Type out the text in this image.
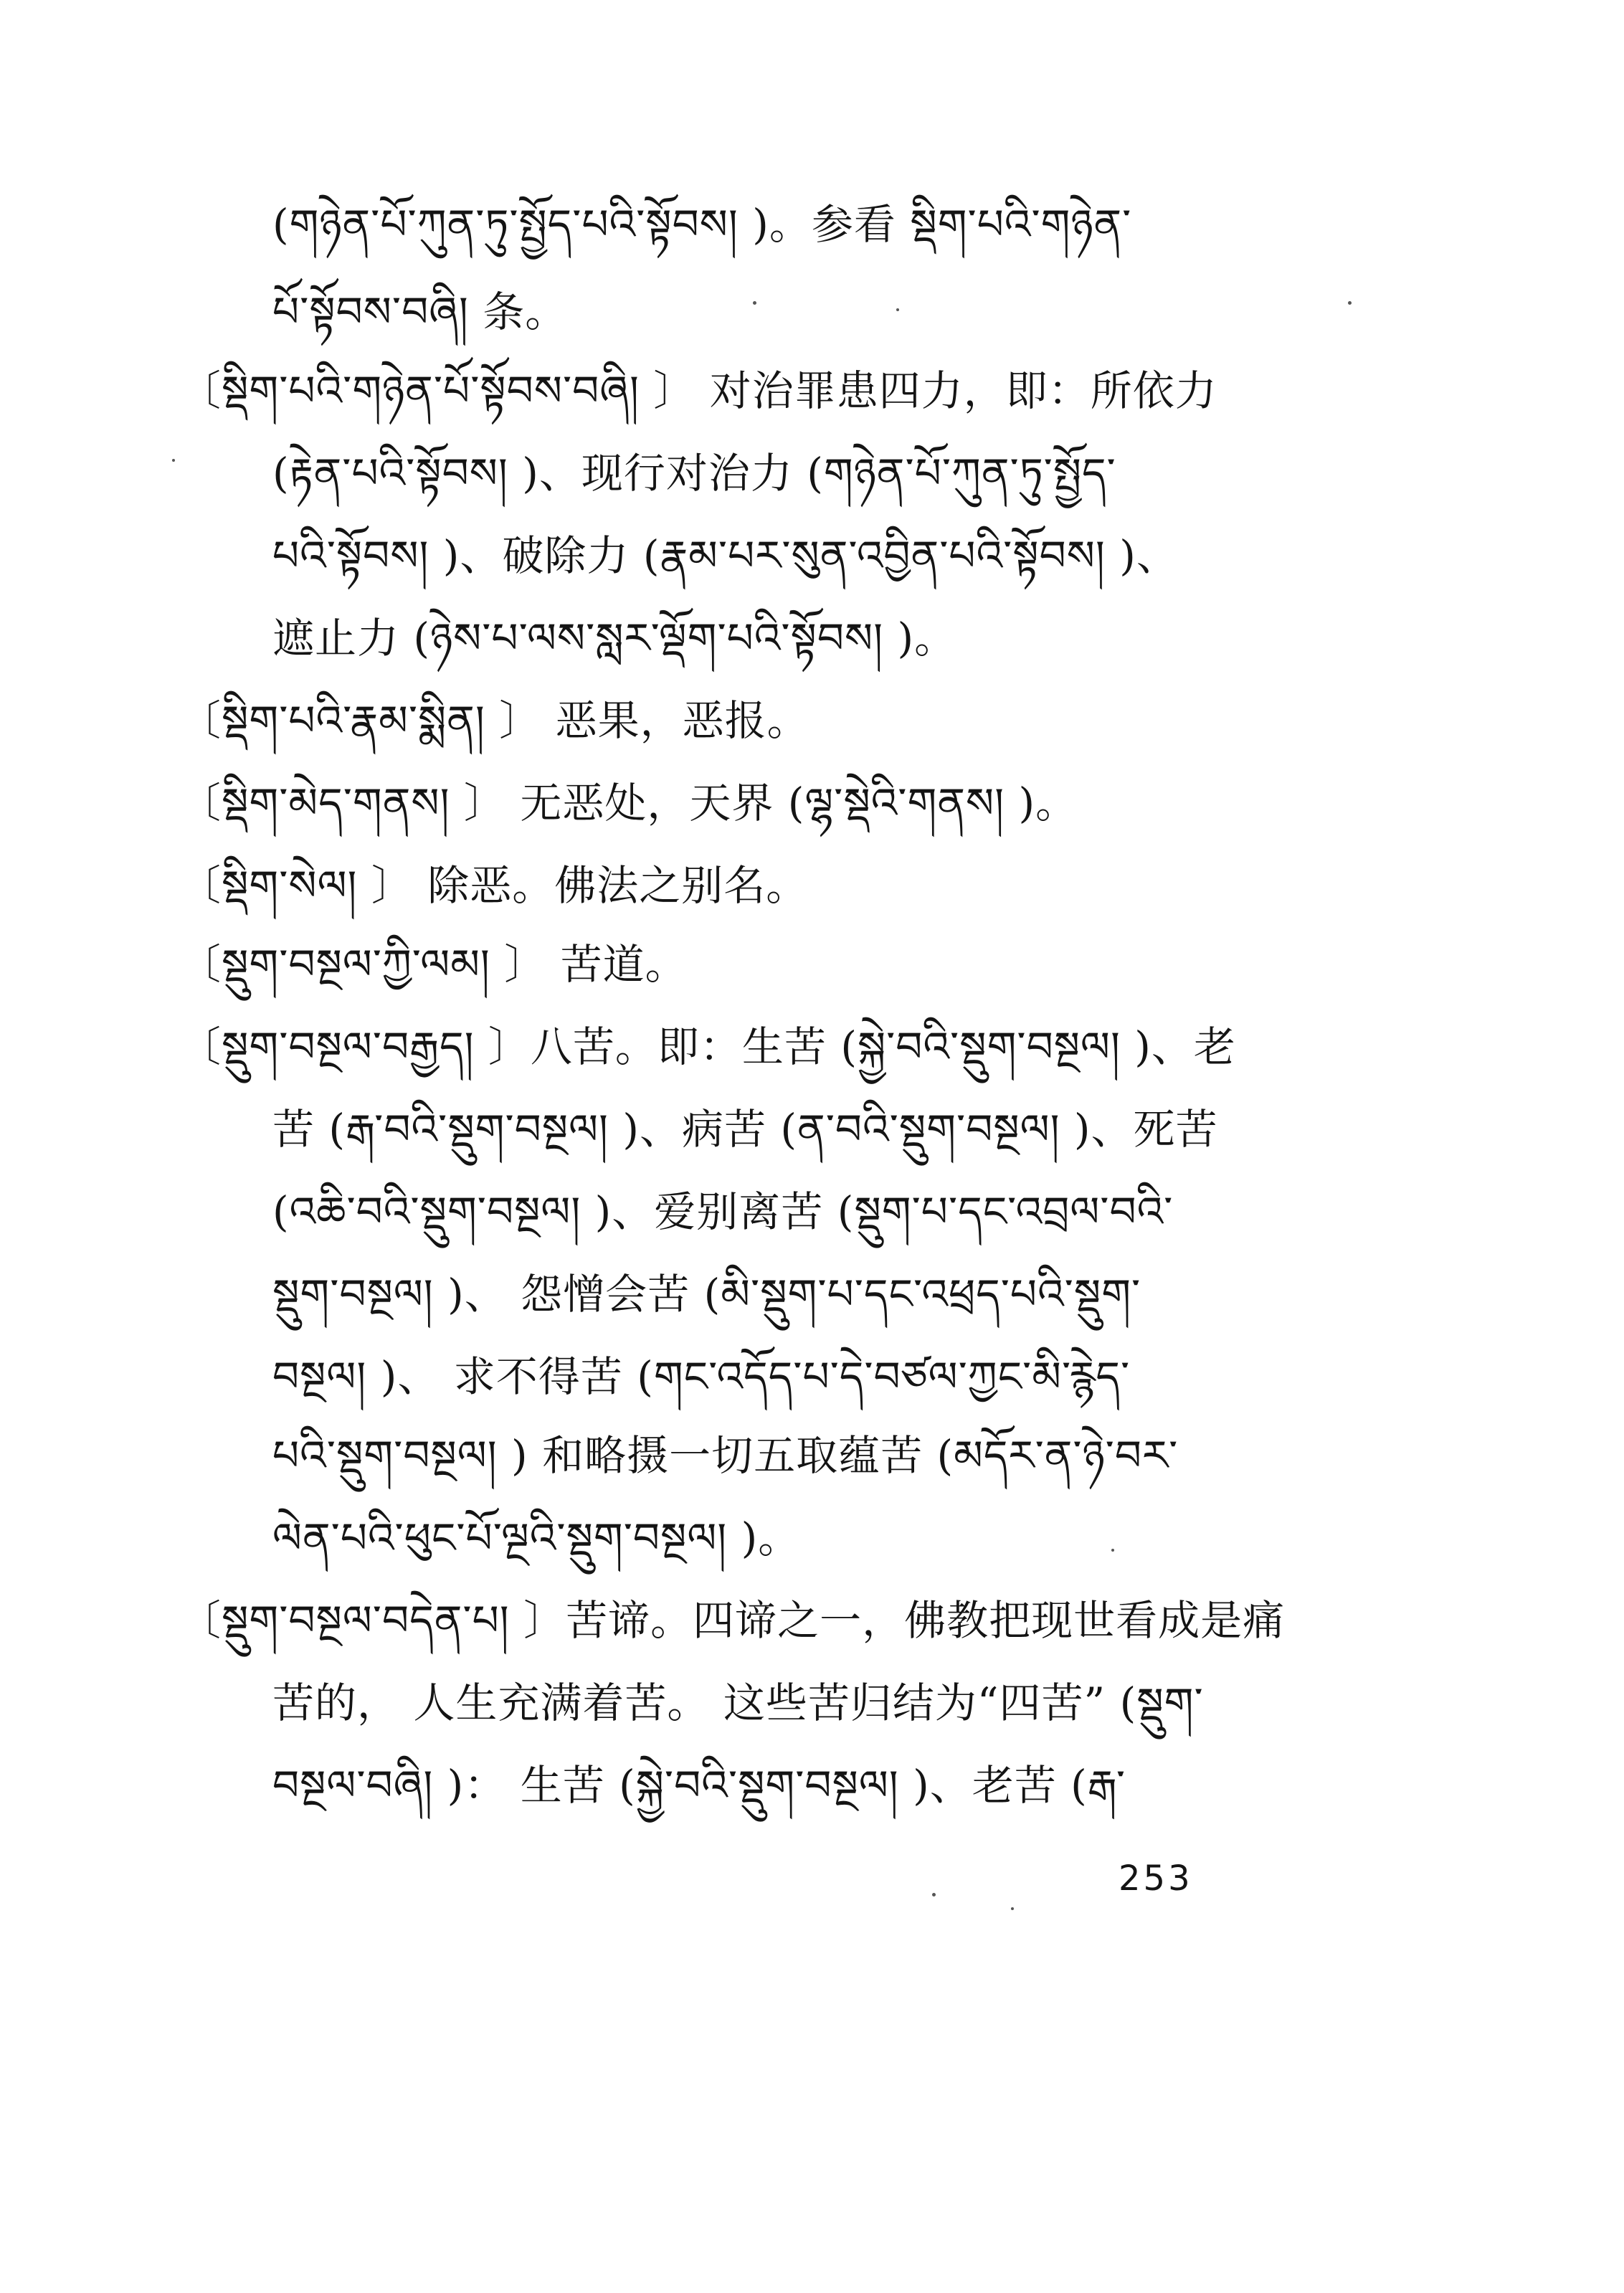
(གཉེན་པོ་ཀུན་ཏུ་སྤྱོད་པའི་སྟོབས། )。参看 སྡིག་པའི་གཉེན་
པོ་སྟོབས་བཞི། 条。
〔སྡིག་པའི་གཉེན་པོ་སྟོབས་བཞི། 〕 对治罪患四力，即：所依力
(རྟེན་པའི་སྟོབས། )、现行对治力 (གཉེན་པོ་ཀུན་ཏུ་སྤྱོད་
པའི་སྟོབས། )、破除力 (རྣམ་པར་སུན་འབྱིན་པའི་སྟོབས། )、
遮止力 (ཉེས་པ་ལས་སླར་ལྡོག་པའི་སྟོབས། )。
〔སྡིག་པའི་རྣམ་སྨིན། 〕 恶果，恶报。
〔སྡིག་མེད་གནས། 〕 无恶处，天界 (ལྷ་སྡེའི་གནས། )。
〔སྡིག་སེལ། 〕 除恶。佛法之别名。
〔སྡུག་བསྔལ་ཀྱི་ལམ། 〕 苦道。
〔སྡུག་བསྔལ་བརྒྱད། 〕八苦。即：生苦 (སྐྱེ་བའི་སྡུག་བསྔལ། )、老
苦 (རྒ་བའི་སྡུག་བསྔལ། )、病苦 (ན་བའི་སྡུག་བསྔལ། )、死苦
(འཆི་བའི་སྡུག་བསྔལ། )、爱别离苦 (སྡུག་པ་དང་འབྲལ་བའི་
སྡུག་བསྔལ། )、 怨憎会苦 (མི་སྡུག་པ་དང་འཕྲད་པའི་སྡུག་
བསྔལ། )、 求不得苦 (གང་འདོད་པ་དེ་བཙལ་ཀྱང་མི་རྙེད་
པའི་སྡུག་བསྔལ། ) 和略摄一切五取蕴苦 (མདོར་ན་ཉེ་བར་
ལེན་པའི་ཕུང་པོ་ལྔའི་སྡུག་བསྔལ། )。
〔སྡུག་བསྔལ་བདེན་པ། 〕苦谛。四谛之一，佛教把现世看成是痛
苦的， 人生充满着苦。 这些苦归结为“四苦” (སྡུག་
བསྔལ་བཞི། )： 生苦 (སྐྱེ་བའི་སྡུག་བསྔལ། )、老苦 (རྒ་
253
